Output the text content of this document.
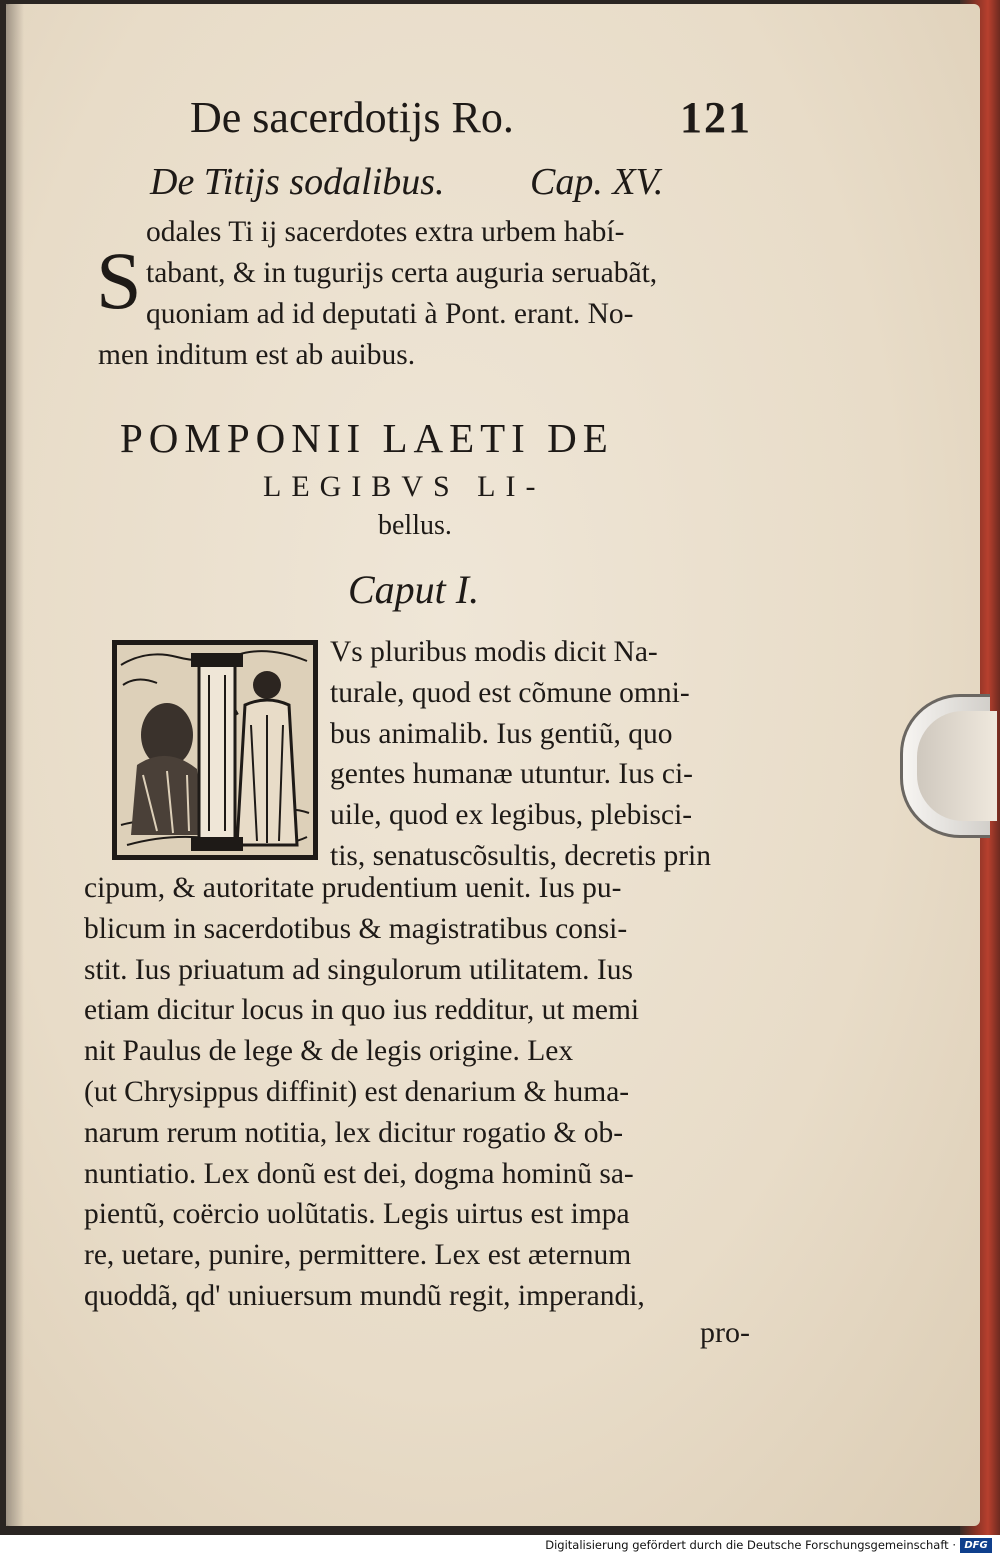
De sacerdotijs Ro.	121
De Titijs sodalibus. Cap. XV.
S
odales Ti ij sacerdotes extra urbem habí-
tabant, & in tugurijs certa auguria seruabãt,
quoniam ad id deputati à Pont. erant. No-
men inditum est ab auibus.
POMPONII LAETI DE
LEGIBVS LI-
bellus.
Caput I.
Vs pluribus modis dicit Na-
turale, quod est cõmune omni-
bus animalib. Ius gentiũ, quo
gentes humanæ utuntur. Ius ci-
uile, quod ex legibus, plebisci-
tis, senatuscõsultis, decretis prin
cipum, & autoritate prudentium uenit. Ius pu-
blicum in sacerdotibus & magistratibus consi-
stit. Ius priuatum ad singulorum utilitatem. Ius
etiam dicitur locus in quo ius redditur, ut memi
nit Paulus de lege & de legis origine. Lex
(ut Chrysippus diffinit) est denarium & huma-
narum rerum notitia, lex dicitur rogatio & ob-
nuntiatio. Lex donũ est dei, dogma hominũ sa-
pientũ, coërcio uolũtatis. Legis uirtus est impa
re, uetare, punire, permittere. Lex est æternum
quoddã, qd' uniuersum mundũ regit, imperandi,
pro-
Digitalisierung gefördert durch die Deutsche Forschungsgemeinschaft · DFG
